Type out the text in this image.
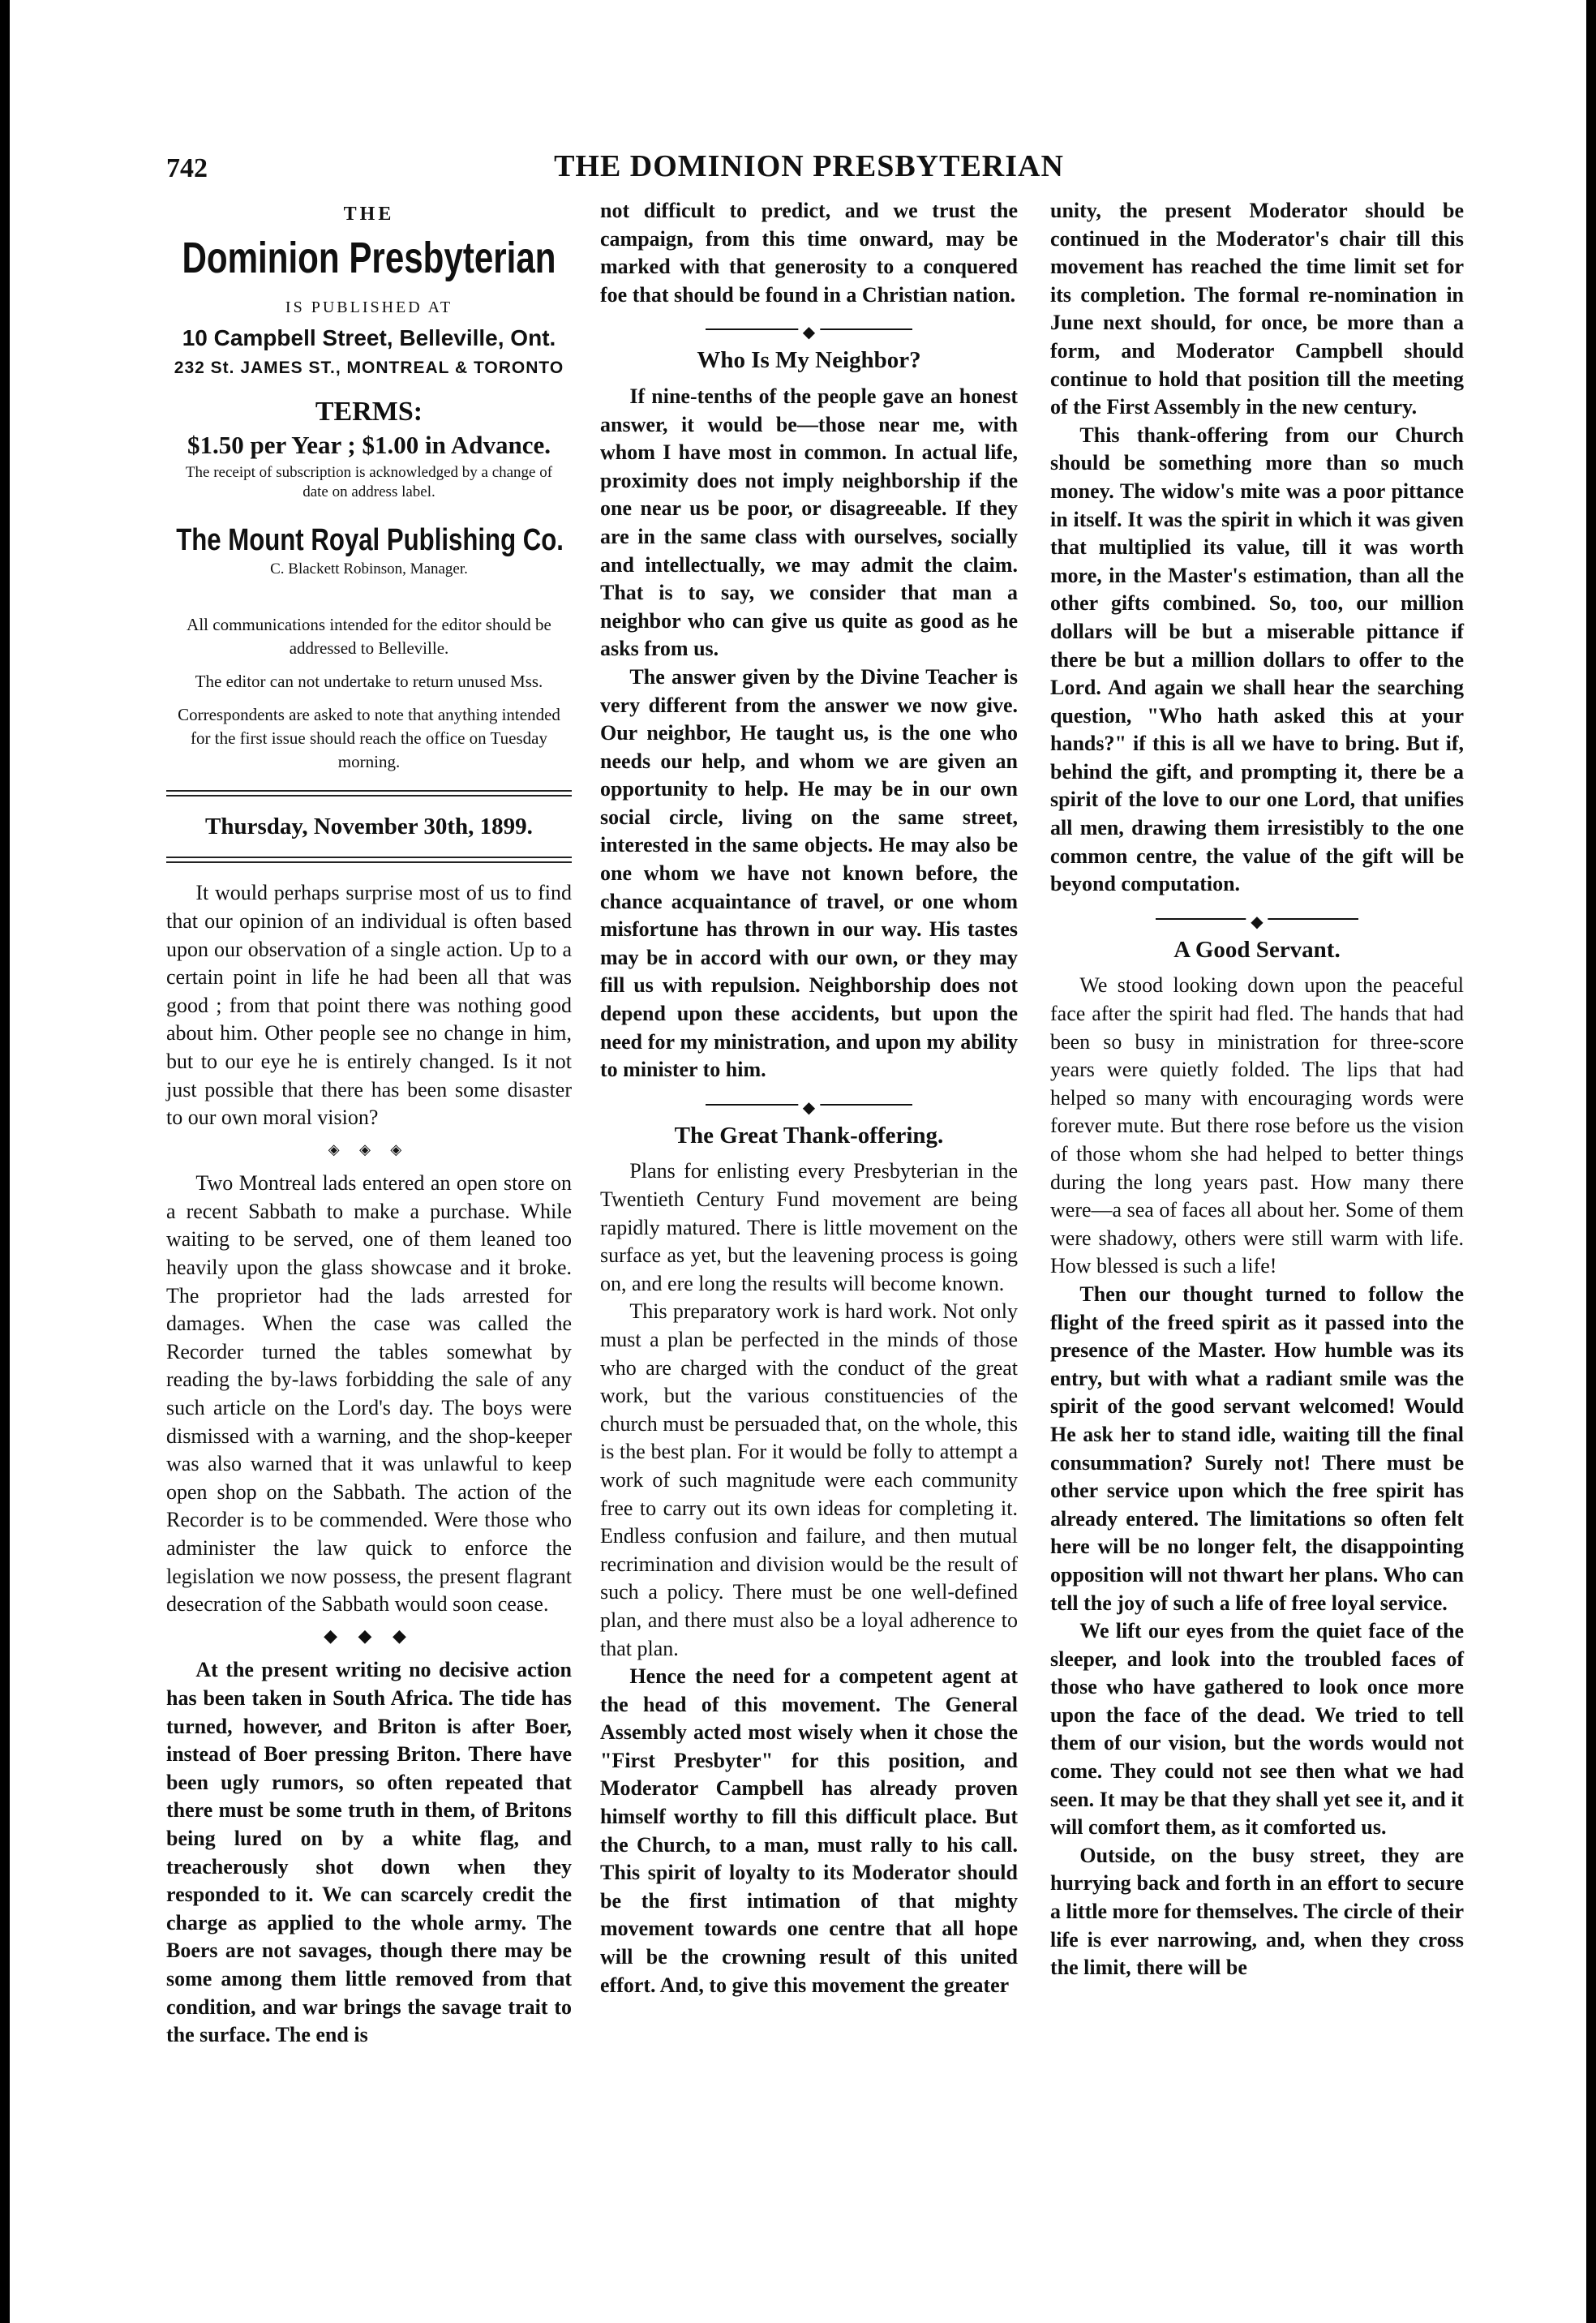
742	THE DOMINION PRESBYTERIAN
THE
Dominion Presbyterian
IS PUBLISHED AT
10 Campbell Street, Belleville, Ont.
232 St. JAMES ST., MONTREAL & TORONTO
TERMS:
$1.50 per Year ; $1.00 in Advance.
The receipt of subscription is acknowledged by a change of date on address label.
The Mount Royal Publishing Co.
C. Blackett Robinson, Manager.
All communications intended for the editor should be addressed to Belleville.
The editor can not undertake to return unused Mss.
Correspondents are asked to note that anything intended for the first issue should reach the office on Tuesday morning.
Thursday, November 30th, 1899.

It would perhaps surprise most of us to find that our opinion of an individual is often based upon our observation of a single action. Up to a certain point in life he had been all that was good ; from that point there was nothing good about him. Other people see no change in him, but to our eye he is entirely changed. Is it not just possible that there has been some disaster to our own moral vision?

◈ ◈ ◈

Two Montreal lads entered an open store on a recent Sabbath to make a purchase. While waiting to be served, one of them leaned too heavily upon the glass showcase and it broke. The proprietor had the lads arrested for damages. When the case was called the Recorder turned the tables somewhat by reading the by-laws forbidding the sale of any such article on the Lord's day. The boys were dismissed with a warning, and the shop-keeper was also warned that it was unlawful to keep open shop on the Sabbath. The action of the Recorder is to be commended. Were those who administer the law quick to enforce the legislation we now possess, the present flagrant desecration of the Sabbath would soon cease.

◆ ◆ ◆

At the present writing no decisive action has been taken in South Africa. The tide has turned, however, and Briton is after Boer, instead of Boer pressing Briton. There have been ugly rumors, so often repeated that there must be some truth in them, of Britons being lured on by a white flag, and treacherously shot down when they responded to it. We can scarcely credit the charge as applied to the whole army. The Boers are not savages, though there may be some among them little removed from that condition, and war brings the savage trait to the surface. The end is

not difficult to predict, and we trust the campaign, from this time onward, may be marked with that generosity to a conquered foe that should be found in a Christian nation.

◆
Who Is My Neighbor?

If nine-tenths of the people gave an honest answer, it would be—those near me, with whom I have most in common. In actual life, proximity does not imply neighborship if the one near us be poor, or disagreeable. If they are in the same class with ourselves, socially and intellectually, we may admit the claim. That is to say, we consider that man a neighbor who can give us quite as good as he asks from us.

The answer given by the Divine Teacher is very different from the answer we now give. Our neighbor, He taught us, is the one who needs our help, and whom we are given an opportunity to help. He may be in our own social circle, living on the same street, interested in the same objects. He may also be one whom we have not known before, the chance acquaintance of travel, or one whom misfortune has thrown in our way. His tastes may be in accord with our own, or they may fill us with repulsion. Neighborship does not depend upon these accidents, but upon the need for my ministration, and upon my ability to minister to him.

◆
The Great Thank-offering.

Plans for enlisting every Presbyterian in the Twentieth Century Fund movement are being rapidly matured. There is little movement on the surface as yet, but the leavening process is going on, and ere long the results will become known.

This preparatory work is hard work. Not only must a plan be perfected in the minds of those who are charged with the conduct of the great work, but the various constituencies of the church must be persuaded that, on the whole, this is the best plan. For it would be folly to attempt a work of such magnitude were each community free to carry out its own ideas for completing it. Endless confusion and failure, and then mutual recrimination and division would be the result of such a policy. There must be one well-defined plan, and there must also be a loyal adherence to that plan.

Hence the need for a competent agent at the head of this movement. The General Assembly acted most wisely when it chose the "First Presbyter" for this position, and Moderator Campbell has already proven himself worthy to fill this difficult place. But the Church, to a man, must rally to his call. This spirit of loyalty to its Moderator should be the first intimation of that mighty movement towards one centre that all hope will be the crowning result of this united effort. And, to give this movement the greater

unity, the present Moderator should be continued in the Moderator's chair till this movement has reached the time limit set for its completion. The formal re-nomination in June next should, for once, be more than a form, and Moderator Campbell should continue to hold that position till the meeting of the First Assembly in the new century.

This thank-offering from our Church should be something more than so much money. The widow's mite was a poor pittance in itself. It was the spirit in which it was given that multiplied its value, till it was worth more, in the Master's estimation, than all the other gifts combined. So, too, our million dollars will be but a miserable pittance if there be but a million dollars to offer to the Lord. And again we shall hear the searching question, "Who hath asked this at your hands?" if this is all we have to bring. But if, behind the gift, and prompting it, there be a spirit of the love to our one Lord, that unifies all men, drawing them irresistibly to the one common centre, the value of the gift will be beyond computation.

◆
A Good Servant.

We stood looking down upon the peaceful face after the spirit had fled. The hands that had been so busy in ministration for three-score years were quietly folded. The lips that had helped so many with encouraging words were forever mute. But there rose before us the vision of those whom she had helped to better things during the long years past. How many there were—a sea of faces all about her. Some of them were shadowy, others were still warm with life. How blessed is such a life!

Then our thought turned to follow the flight of the freed spirit as it passed into the presence of the Master. How humble was its entry, but with what a radiant smile was the spirit of the good servant welcomed! Would He ask her to stand idle, waiting till the final consummation? Surely not! There must be other service upon which the free spirit has already entered. The limitations so often felt here will be no longer felt, the disappointing opposition will not thwart her plans. Who can tell the joy of such a life of free loyal service.

We lift our eyes from the quiet face of the sleeper, and look into the troubled faces of those who have gathered to look once more upon the face of the dead. We tried to tell them of our vision, but the words would not come. They could not see then what we had seen. It may be that they shall yet see it, and it will comfort them, as it comforted us.

Outside, on the busy street, they are hurrying back and forth in an effort to secure a little more for themselves. The circle of their life is ever narrowing, and, when they cross the limit, there will be
